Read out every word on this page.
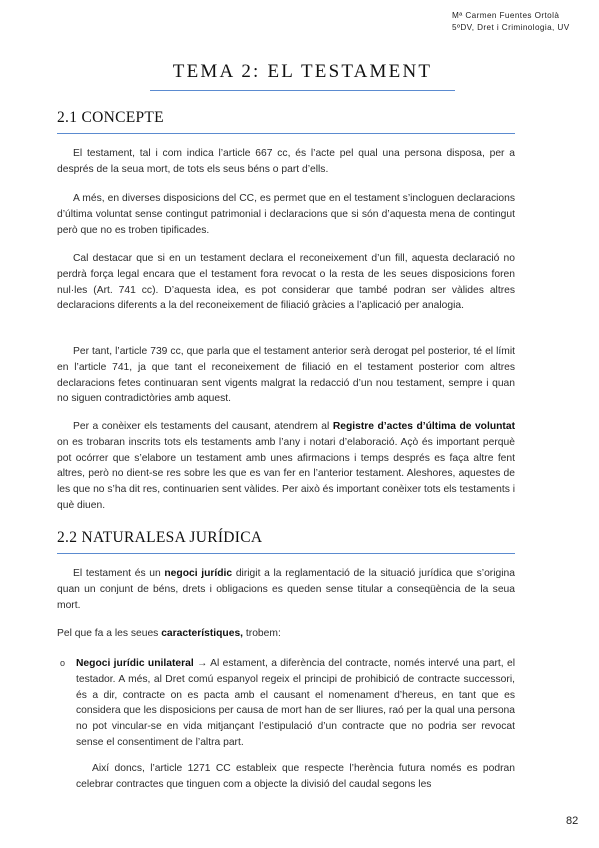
Mª Carmen Fuentes Ortolà
5ºDV, Dret i Criminologia, UV
TEMA 2: EL TESTAMENT
2.1 CONCEPTE

El testament, tal i com indica l’article 667 cc, és l’acte pel qual una persona disposa, per a després de la seua mort, de tots els seus béns o part d’ells.

A més, en diverses disposicions del CC, es permet que en el testament s’incloguen declaracions d’última voluntat sense contingut patrimonial i declaracions que si són d’aquesta mena de contingut però que no es troben tipificades.

Cal destacar que si en un testament declara el reconeixement d’un fill, aquesta declaració no perdrà força legal encara que el testament fora revocat o la resta de les seues disposicions foren nul·les (Art. 741 cc). D’aquesta idea, es pot considerar que també podran ser vàlides altres declaracions diferents a la del reconeixement de filiació gràcies a l’aplicació per analogia.

Per tant, l’article 739 cc, que parla que el testament anterior serà derogat pel posterior, té el límit en l’article 741, ja que tant el reconeixement de filiació en el testament posterior com altres declaracions fetes continuaran sent vigents malgrat la redacció d’un nou testament, sempre i quan no siguen contradictòries amb aquest.

Per a conèixer els testaments del causant, atendrem al Registre d’actes d’última de voluntat on es trobaran inscrits tots els testaments amb l’any i notari d’elaboració. Açò és important perquè pot ocórrer que s’elabore un testament amb unes afirmacions i temps després es faça altre fent altres, però no dient-se res sobre les que es van fer en l’anterior testament. Aleshores, aquestes de les que no s’ha dit res, continuarien sent vàlides. Per això és important conèixer tots els testaments i què diuen.

2.2 NATURALESA JURÍDICA

El testament és un negoci jurídic dirigit a la reglamentació de la situació jurídica que s’origina quan un conjunt de béns, drets i obligacions es queden sense titular a conseqüència de la seua mort.

Pel que fa a les seues característiques, trobem:

o Negoci jurídic unilateral → Al estament, a diferència del contracte, només intervé una part, el testador. A més, al Dret comú espanyol regeix el principi de prohibició de contracte successori, és a dir, contracte on es pacta amb el causant el nomenament d’hereus, en tant que es considera que les disposicions per causa de mort han de ser lliures, raó per la qual una persona no pot vincular-se en vida mitjançant l’estipulació d’un contracte que no podria ser revocat sense el consentiment de l’altra part.

Així doncs, l’article 1271 CC estableix que respecte l’herència futura només es podran celebrar contractes que tinguen com a objecte la divisió del caudal segons les

82
